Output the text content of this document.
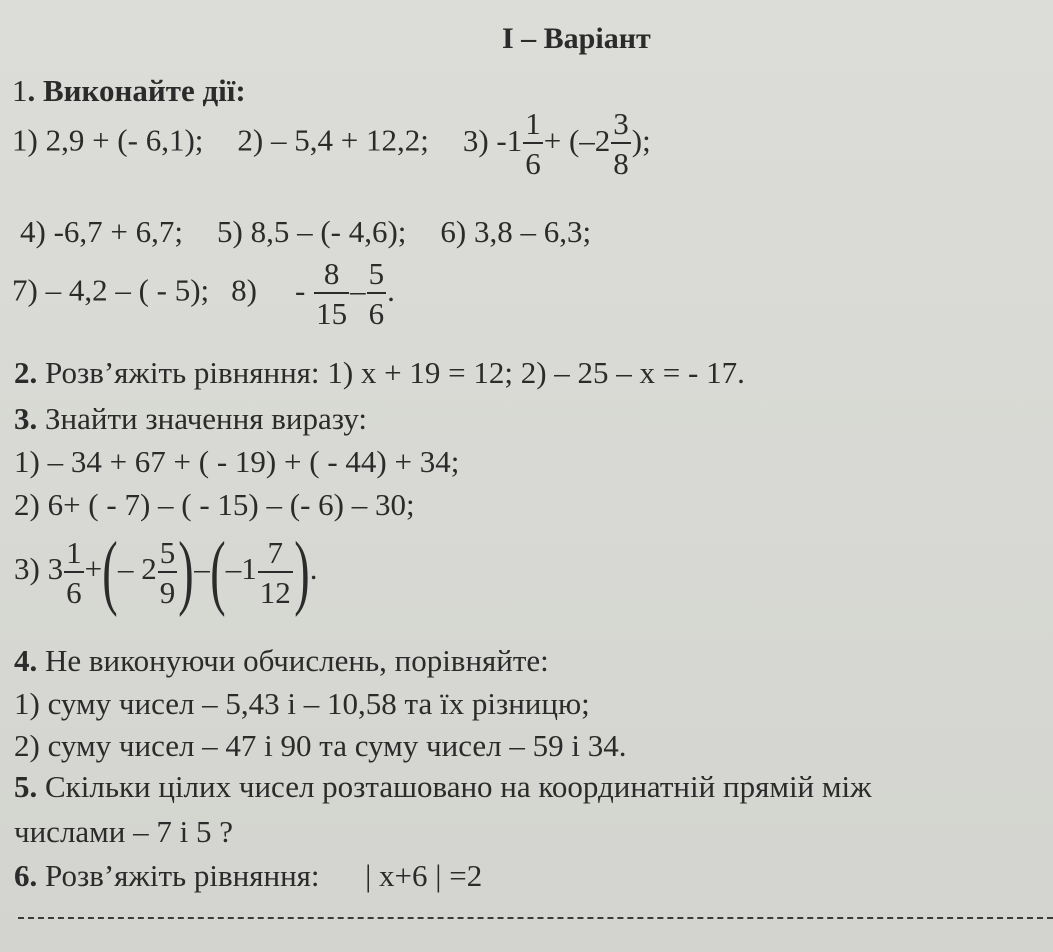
I – Варіант
1. Виконайте дії:
1) 2,9 + (- 6,1); 2) – 5,4 + 12,2; 3) $-1 \frac{1}{6} + (-2 \frac{3}{8}$ );
4) -6,7 + 6,7; 5) 8,5 – (- 4,6); 6) 3,8 – 6,3;
7) – 4,2 – ( - 5); $8) - \frac{8}{15} - \frac{5}{6}$ .
2. Розв’яжіть рівняння: 1) x + 19 = 12; 2) – 25 – x = - 17.
3. Знайти значення виразу:
1) – 34 + 67 + ( - 19) + ( - 44) + 34;
2) 6+ ( - 7) – ( - 15) – (- 6) – 30;
3) $3 \frac{1}{6}$ +(– $2 \frac{5}{9} )-(-1 \frac{7}{12}$ ).
4. Не виконуючи обчислень, порівняйте:
1) суму чисел – 5,43 і – 10,58 та їх різницю;
2) суму чисел – 47 і 90 та суму чисел – 59 і 34.
5. Скільки цілих чисел розташовано на координатній прямій між
числами – 7 і 5 ?
6. Розв’яжіть рівняння: | x+6 | =2
